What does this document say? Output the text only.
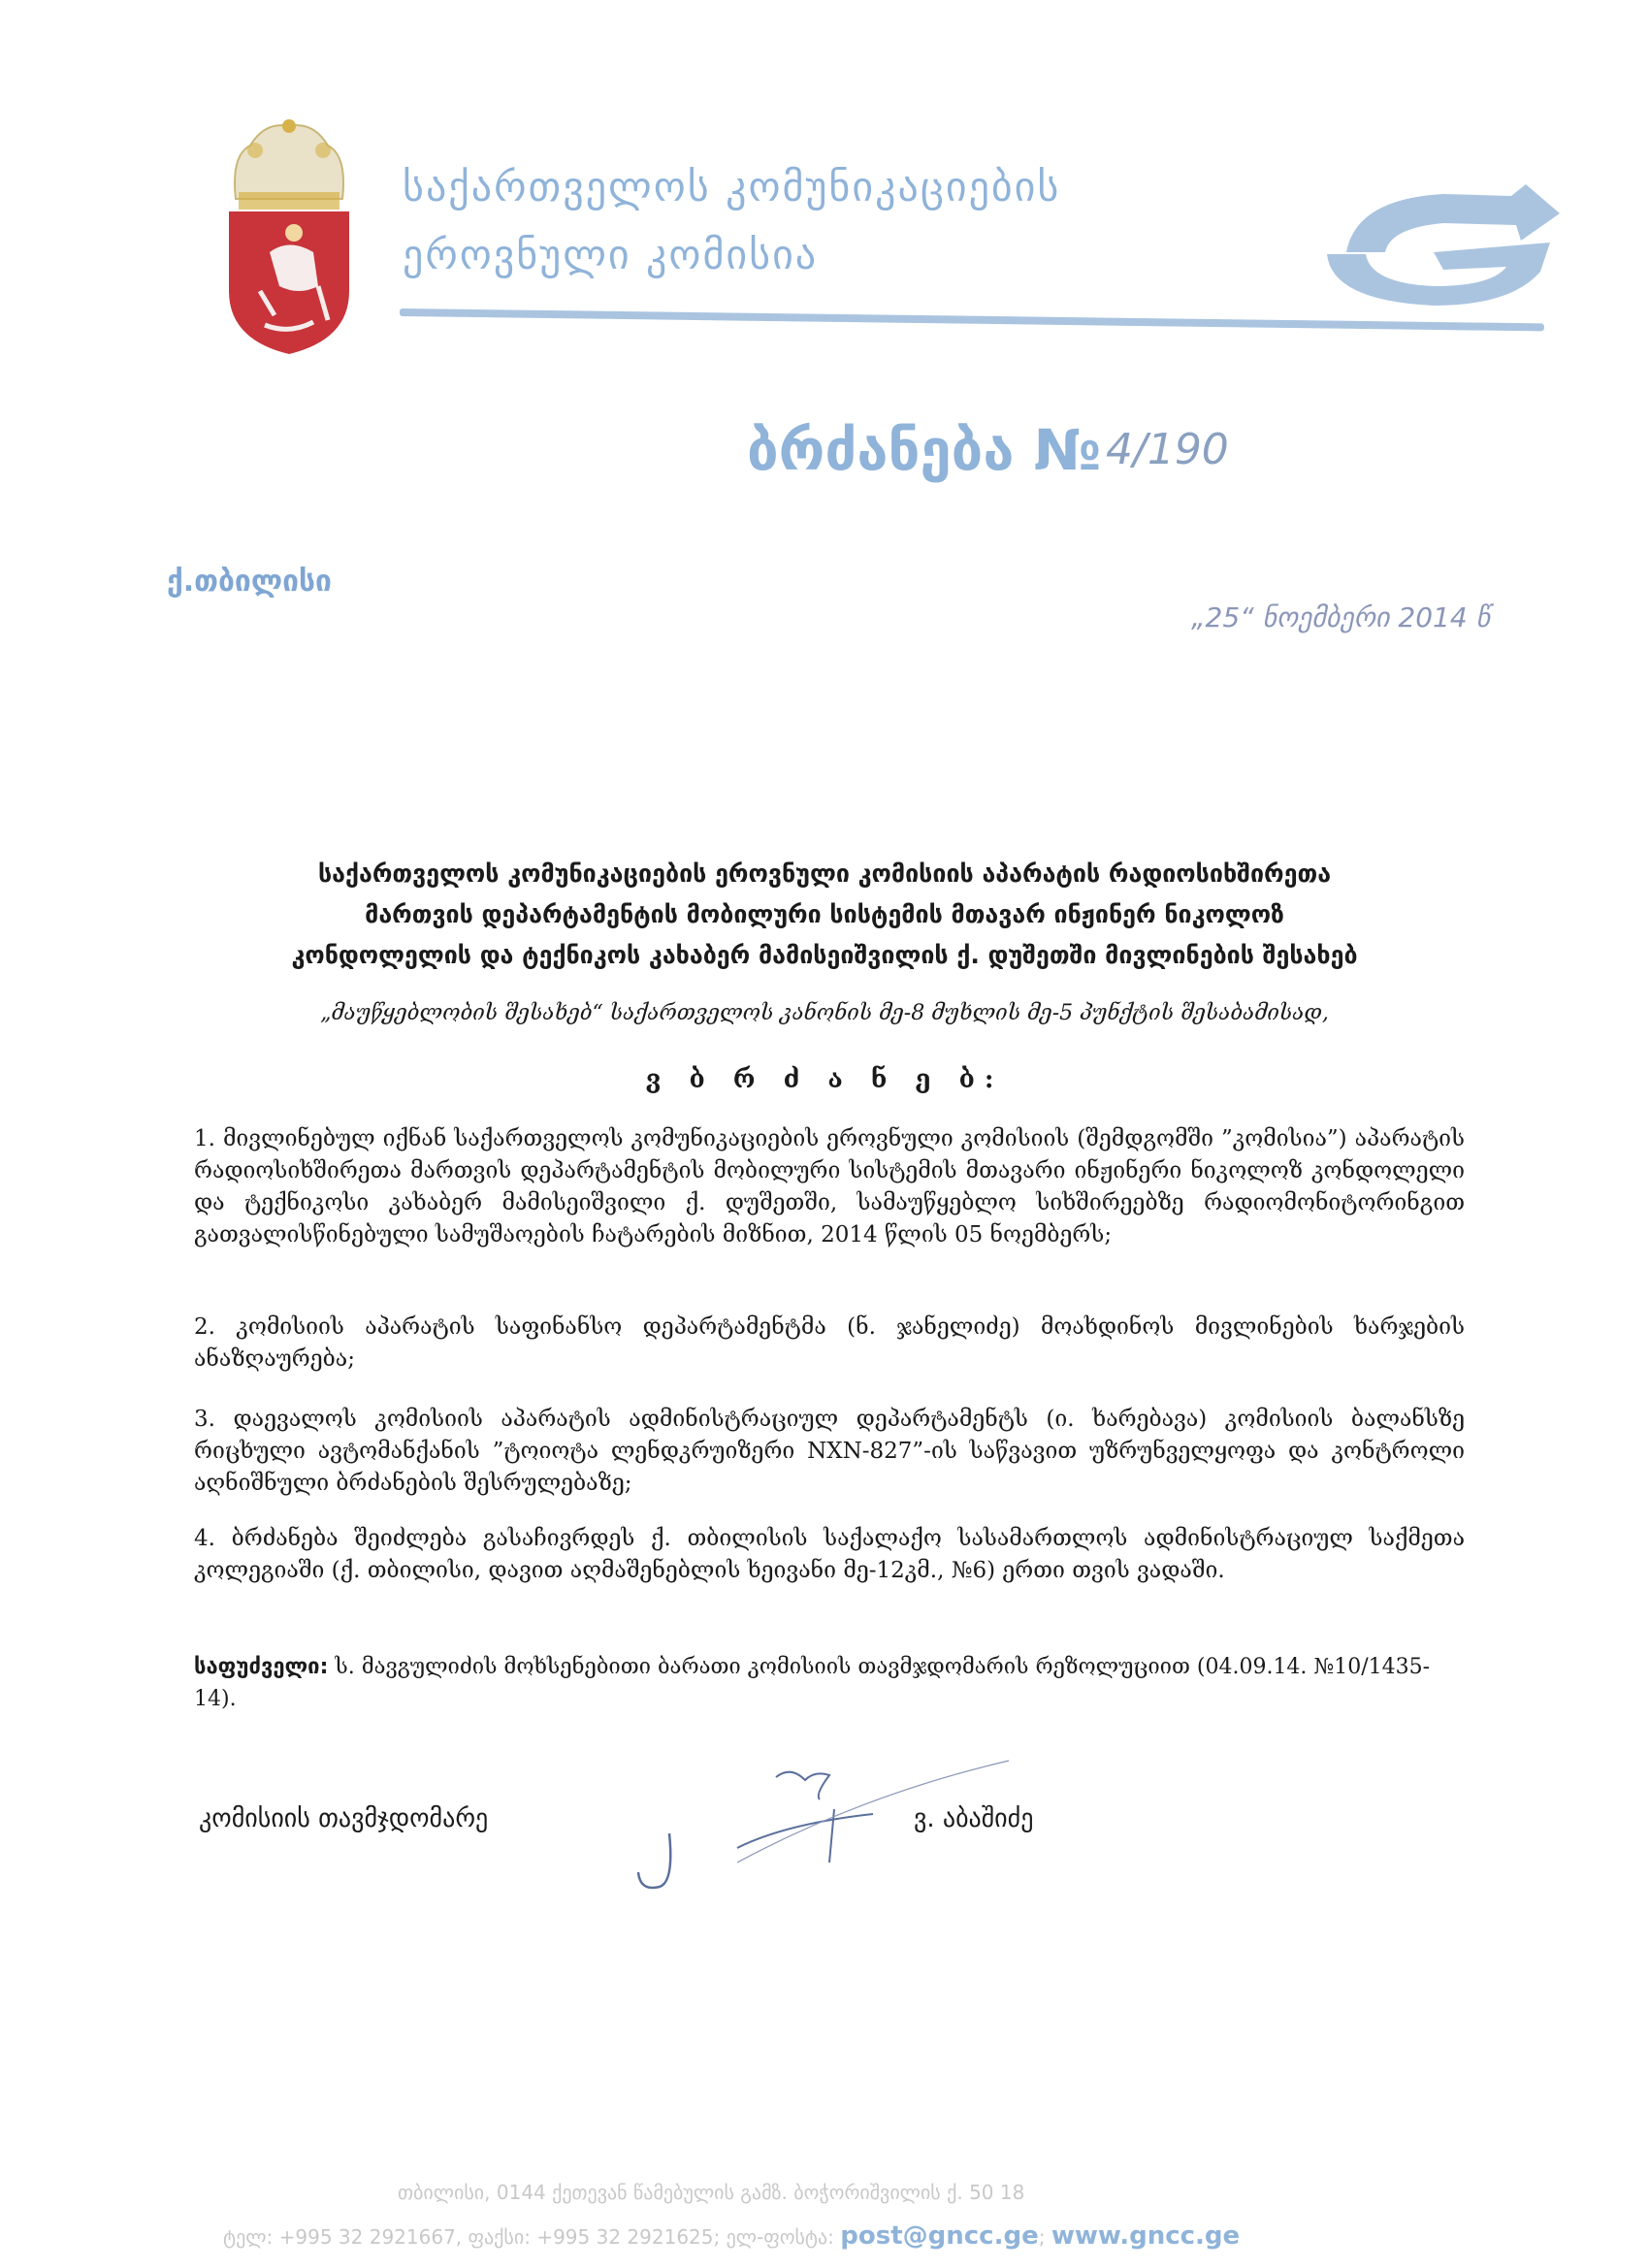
საქართველოს კომუნიკაციების
ეროვნული კომისია
ბრძანება № 4/190
ქ.თბილისი
„25“ ნოემბერი 2014 წ
საქართველოს კომუნიკაციების ეროვნული კომისიის აპარატის რადიოსიხშირეთა
მართვის დეპარტამენტის მობილური სისტემის მთავარ ინჟინერ ნიკოლოზ
კონდოლელის და ტექნიკოს კახაბერ მამისეიშვილის ქ. დუშეთში მივლინების შესახებ
„მაუწყებლობის შესახებ“ საქართველოს კანონის მე-8 მუხლის მე-5 პუნქტის შესაბამისად,
ვ ბ რ ძ ა ნ ე ბ:
1. მივლინებულ იქნან საქართველოს კომუნიკაციების ეროვნული კომისიის (შემდგომში ”კომისია”) აპარატის რადიოსიხშირეთა მართვის დეპარტამენტის მობილური სისტემის მთავარი ინჟინერი ნიკოლოზ კონდოლელი და ტექნიკოსი კახაბერ მამისეიშვილი ქ. დუშეთში, სამაუწყებლო სიხშირეებზე რადიომონიტორინგით გათვალისწინებული სამუშაოების ჩატარების მიზნით, 2014 წლის 05 ნოემბერს;
2. კომისიის აპარატის საფინანსო დეპარტამენტმა (ნ. ჯანელიძე) მოახდინოს მივლინების ხარჯების ანაზღაურება;
3. დაევალოს კომისიის აპარატის ადმინისტრაციულ დეპარტამენტს (ი. ხარებავა) კომისიის ბალანსზე რიცხული ავტომანქანის ”ტოიოტა ლენდკრუიზერი NXN-827”-ის საწვავით უზრუნველყოფა და კონტროლი აღნიშნული ბრძანების შესრულებაზე;
4. ბრძანება შეიძლება გასაჩივრდეს ქ. თბილისის საქალაქო სასამართლოს ადმინისტრაციულ საქმეთა კოლეგიაში (ქ. თბილისი, დავით აღმაშენებლის ხეივანი მე-12კმ., №6) ერთი თვის ვადაში.
საფუძველი: ს. მავგულიძის მოხსენებითი ბარათი კომისიის თავმჯდომარის რეზოლუციით (04.09.14. №10/1435-14).
კომისიის თავმჯდომარე	ვ. აბაშიძე
თბილისი, 0144 ქეთევან წამებულის გამზ. ბოჭორიშვილის ქ. 50 18
ტელ: +995 32 2921667, ფაქსი: +995 32 2921625; ელ-ფოსტა: post@gncc.ge; www.gncc.ge
